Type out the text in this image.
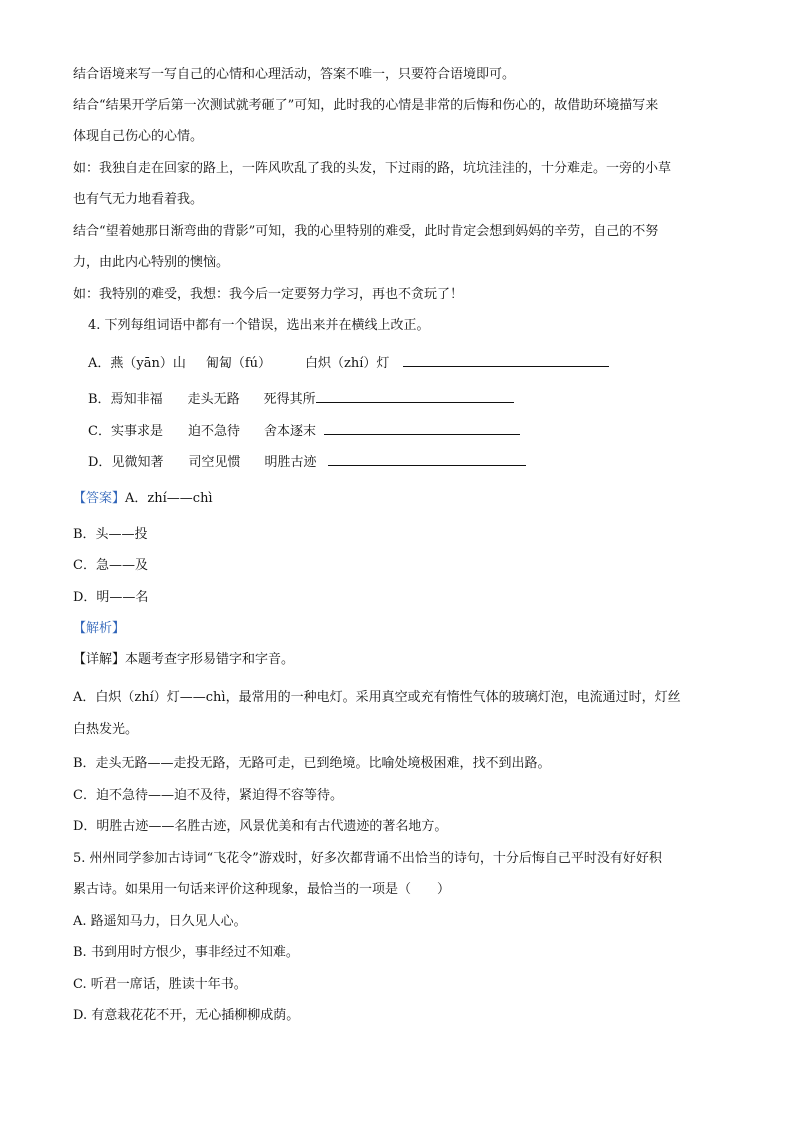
结合语境来写一写自己的心情和心理活动，答案不唯一，只要符合语境即可。
结合“结果开学后第一次测试就考砸了”可知，此时我的心情是非常的后悔和伤心的，故借助环境描写来
体现自己伤心的心情。
如：我独自走在回家的路上，一阵风吹乱了我的头发，下过雨的路，坑坑洼洼的，十分难走。一旁的小草
也有气无力地看着我。
结合“望着她那日渐弯曲的背影”可知，我的心里特别的难受，此时肯定会想到妈妈的辛劳，自己的不努
力，由此内心特别的懊恼。
如：我特别的难受，我想：我今后一定要努力学习，再也不贪玩了！
4. 下列每组词语中都有一个错误，选出来并在横线上改正。
A．燕（yān）山 匍匐（fú）	白炽（zhí）灯
B．焉知非福 走头无路 死得其所
C．实事求是 迫不急待 舍本逐末
D．见微知著 司空见惯 明胜古迹
【答案】A．zhí——chì
B．头——投
C．急——及
D．明——名
【解析】
【详解】本题考查字形易错字和字音。
A．白炽（zhí）灯——chì，最常用的一种电灯。采用真空或充有惰性气体的玻璃灯泡，电流通过时，灯丝
白热发光。
B．走头无路——走投无路，无路可走，已到绝境。比喻处境极困难，找不到出路。
C．迫不急待——迫不及待，紧迫得不容等待。
D．明胜古迹——名胜古迹，风景优美和有古代遗迹的著名地方。
5. 州州同学参加古诗词“飞花令”游戏时，好多次都背诵不出恰当的诗句，十分后悔自己平时没有好好积
累古诗。如果用一句话来评价这种现象，最恰当的一项是（　　）
A. 路遥知马力，日久见人心。
B. 书到用时方恨少，事非经过不知难。
C. 听君一席话，胜读十年书。
D. 有意栽花花不开，无心插柳柳成荫。
